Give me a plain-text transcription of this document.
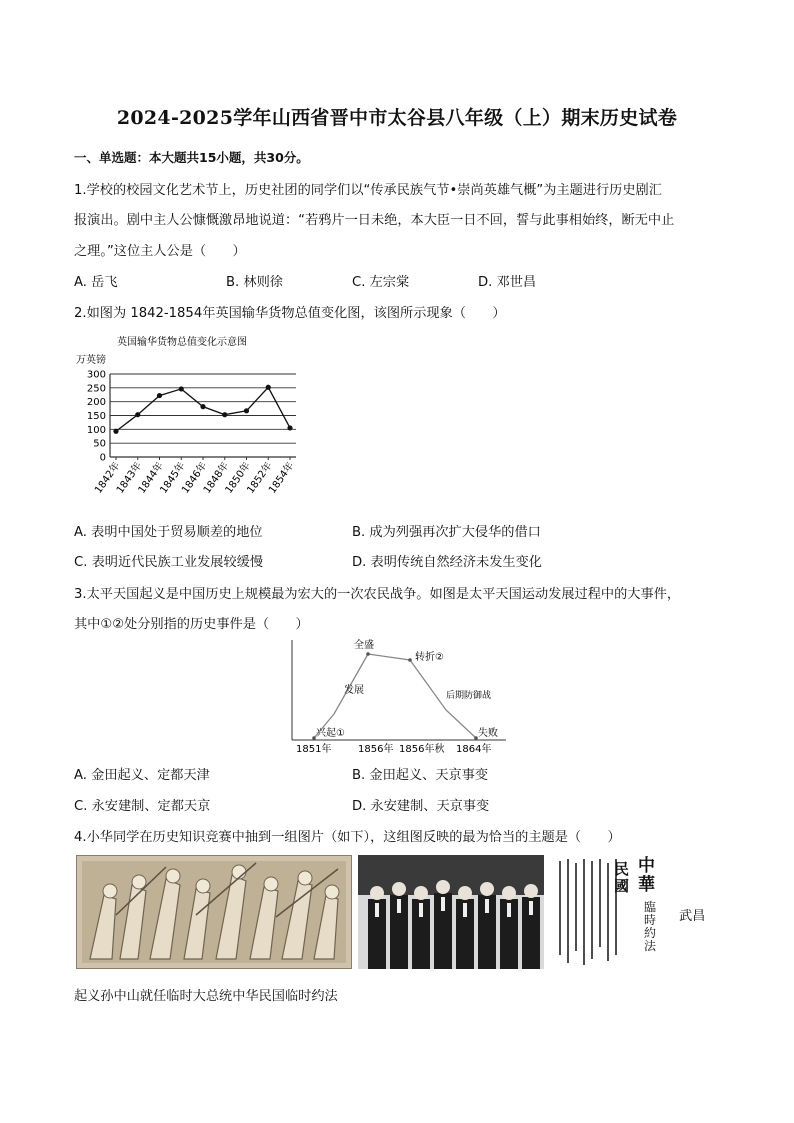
2024-2025学年山西省晋中市太谷县八年级（上）期末历史试卷
一、单选题：本大题共15小题，共30分。
1.学校的校园文化艺术节上，历史社团的同学们以“传承民族气节•崇尚英雄气概”为主题进行历史剧汇
报演出。剧中主人公慷慨激昂地说道：“若鸦片一日未绝，本大臣一日不回，誓与此事相始终，断无中止
之理。”这位主人公是（　　）
A. 岳飞	B. 林则徐	C. 左宗棠	D. 邓世昌
2.如图为 1842-1854年英国输华货物总值变化图，该图所示现象（　　）
英国输华货物总值变化示意图
万英镑
0
50
100
150
200
250
300
1842年
1843年
1844年
1845年
1846年
1848年
1850年
1852年
1854年
A. 表明中国处于贸易顺差的地位	B. 成为列强再次扩大侵华的借口
C. 表明近代民族工业发展较缓慢	D. 表明传统自然经济未发生变化
3.太平天国起义是中国历史上规模最为宏大的一次农民战争。如图是太平天国运动发展过程中的大事件，
其中①②处分别指的历史事件是（　　）
全盛
转折②
发展	后期防御战
兴起①	失败
1851年	1856年 1856年秋 1864年
A. 金田起义、定都天津	B. 金田起义、天京事变
C. 永安建制、定都天京	D. 永安建制、天京事变
4.小华同学在历史知识竞赛中抽到一组图片（如下），这组图反映的最为恰当的主题是（　　）
中華
民國
臨時約法
武昌
起义孙中山就任临时大总统中华民国临时约法
